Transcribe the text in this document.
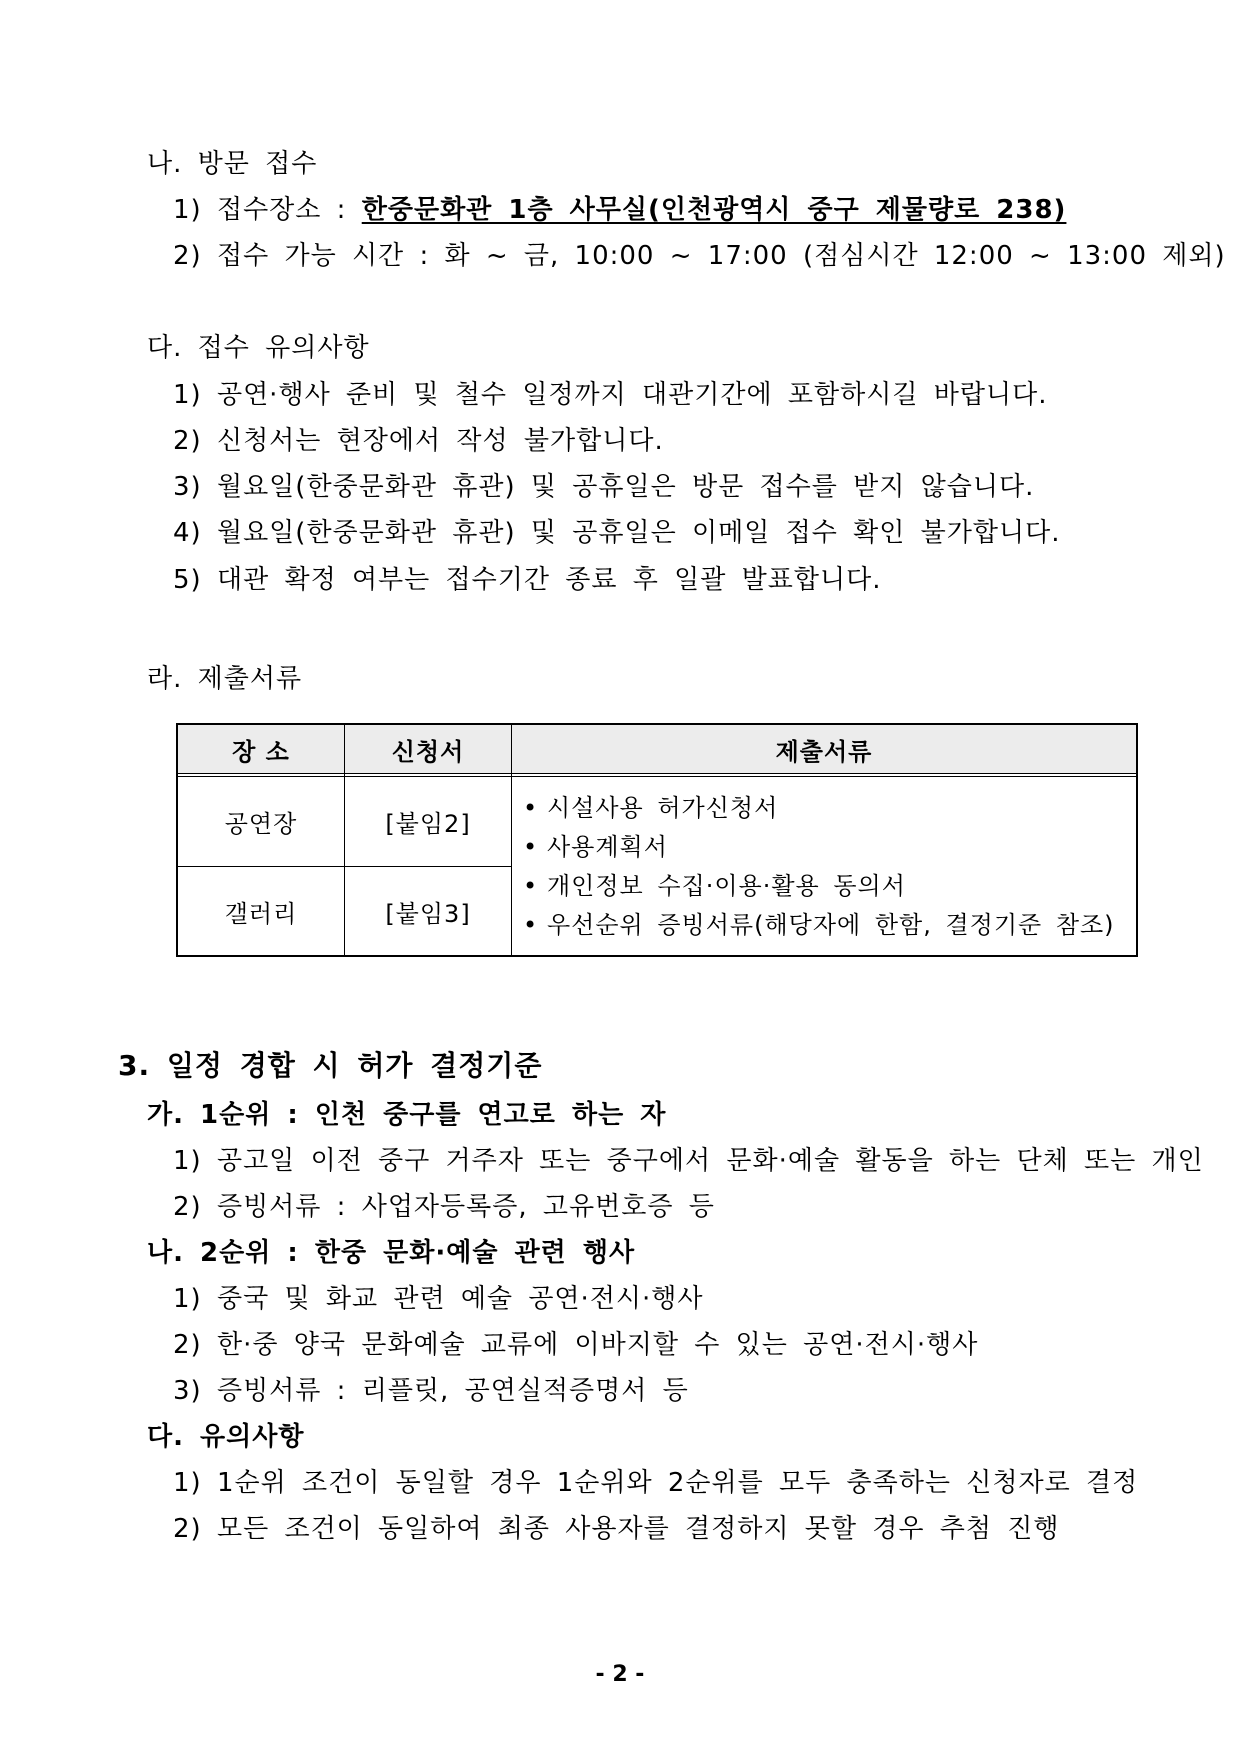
나. 방문 접수
1) 접수장소 : 한중문화관 1층 사무실(인천광역시 중구 제물량로 238)
2) 접수 가능 시간 : 화 ~ 금, 10:00 ~ 17:00 (점심시간 12:00 ~ 13:00 제외)
다. 접수 유의사항
1) 공연·행사 준비 및 철수 일정까지 대관기간에 포함하시길 바랍니다.
2) 신청서는 현장에서 작성 불가합니다.
3) 월요일(한중문화관 휴관) 및 공휴일은 방문 접수를 받지 않습니다.
4) 월요일(한중문화관 휴관) 및 공휴일은 이메일 접수 확인 불가합니다.
5) 대관 확정 여부는 접수기간 종료 후 일괄 발표합니다.
라. 제출서류
장 소	신청서	제출서류
공연장	[붙임2]
갤러리	[붙임3]
• 시설사용 허가신청서
• 사용계획서
• 개인정보 수집·이용·활용 동의서
• 우선순위 증빙서류(해당자에 한함, 결정기준 참조)
3. 일정 경합 시 허가 결정기준
가. 1순위 : 인천 중구를 연고로 하는 자
1) 공고일 이전 중구 거주자 또는 중구에서 문화·예술 활동을 하는 단체 또는 개인
2) 증빙서류 : 사업자등록증, 고유번호증 등
나. 2순위 : 한중 문화·예술 관련 행사
1) 중국 및 화교 관련 예술 공연·전시·행사
2) 한·중 양국 문화예술 교류에 이바지할 수 있는 공연·전시·행사
3) 증빙서류 : 리플릿, 공연실적증명서 등
다. 유의사항
1) 1순위 조건이 동일할 경우 1순위와 2순위를 모두 충족하는 신청자로 결정
2) 모든 조건이 동일하여 최종 사용자를 결정하지 못할 경우 추첨 진행
- 2 -
